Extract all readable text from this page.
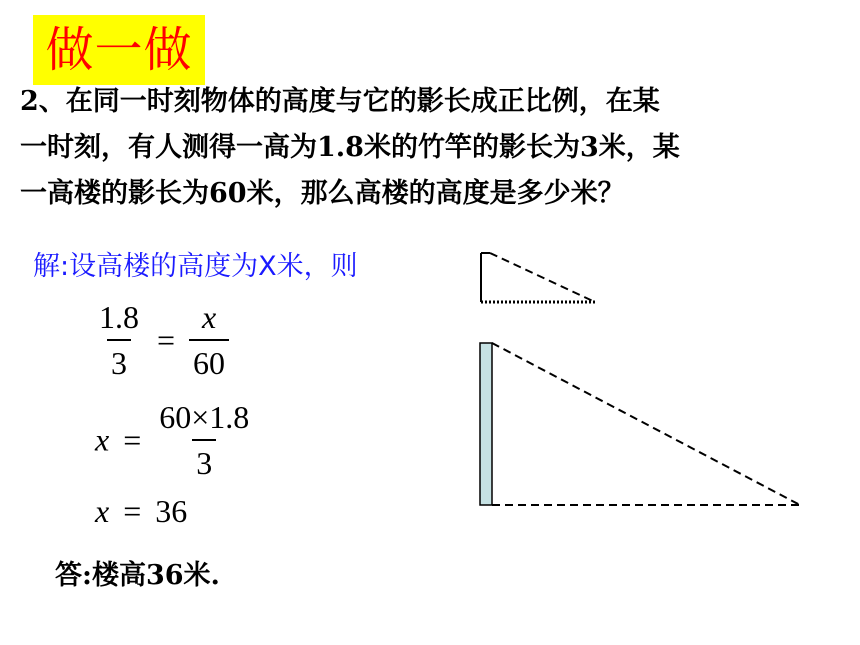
做一做
2、在同一时刻物体的高度与它的影长成正比例，在某
一时刻，有人测得一高为1.8米的竹竿的影长为3米，某
一高楼的影长为60米，那么高楼的高度是多少米？
解:设高楼的高度为X米，则
$\frac{1.8}{3} = \frac{x}{60}$
$x = \frac{60\times 1.8}{3}$
x = 36
答:楼高36米.
